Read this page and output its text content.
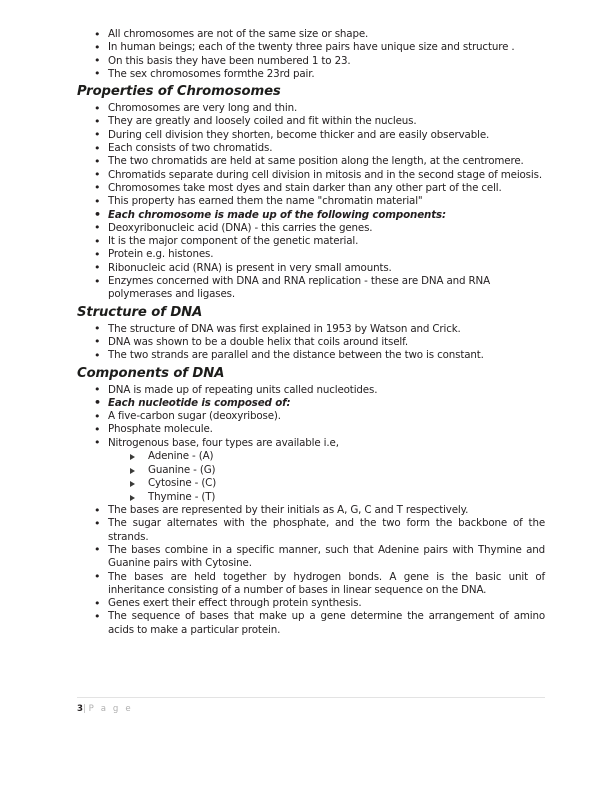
• All chromosomes are not of the same size or shape.
• In human beings; each of the twenty three pairs have unique size and structure .
• On this basis they have been numbered 1 to 23.
• The sex chromosomes formthe 23rd pair.
Properties of Chromosomes
• Chromosomes are very long and thin.
• They are greatly and loosely coiled and fit within the nucleus.
• During cell division they shorten, become thicker and are easily observable.
• Each consists of two chromatids.
• The two chromatids are held at same position along the length, at the centromere.
• Chromatids separate during cell division in mitosis and in the second stage of meiosis.
• Chromosomes take most dyes and stain darker than any other part of the cell.
• This property has earned them the name "chromatin material"
• Each chromosome is made up of the following components:
• Deoxyribonucleic acid (DNA) - this carries the genes.
• It is the major component of the genetic material.
• Protein e.g. histones.
• Ribonucleic acid (RNA) is present in very small amounts.
• Enzymes concerned with DNA and RNA replication - these are DNA and RNA polymerases and ligases.
Structure of DNA
• The structure of DNA was first explained in 1953 by Watson and Crick.
• DNA was shown to be a double helix that coils around itself.
• The two strands are parallel and the distance between the two is constant.
Components of DNA
• DNA is made up of repeating units called nucleotides.
• Each nucleotide is composed of:
• A five-carbon sugar (deoxyribose).
• Phosphate molecule.
• Nitrogenous base, four types are available i.e,
Adenine - (A)
Guanine - (G)
Cytosine - (C)
Thymine - (T)
• The bases are represented by their initials as A, G, C and T respectively.
• The sugar alternates with the phosphate, and the two form the backbone of the strands.
• The bases combine in a specific manner, such that Adenine pairs with Thymine and Guanine pairs with Cytosine.
• The bases are held together by hydrogen bonds. A gene is the basic unit of inheritance consisting of a number of bases in linear sequence on the DNA.
• Genes exert their effect through protein synthesis.
• The sequence of bases that make up a gene determine the arrangement of amino acids to make a particular protein.
3| P a g e
